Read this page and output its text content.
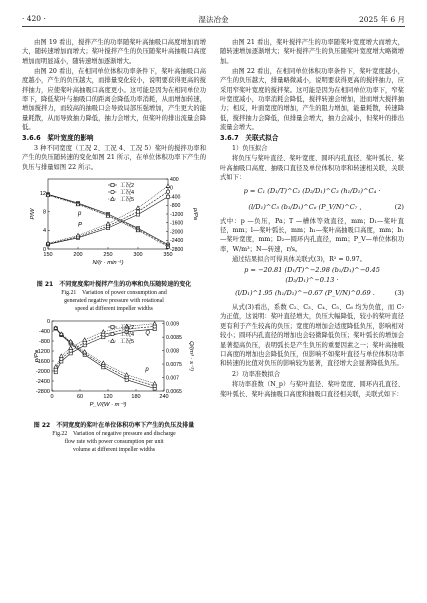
· 420 ·	湿法冶金	2025 年 6 月

由图 19 看出，搅拌产生的功率随桨叶高抽吸口高度增加而增大，随转速增加而增大；桨叶搅拌产生的负压随桨叶高抽吸口高度增加而明显减小，随转速增加逐渐增大。

由图 20 看出，在相同单位体积功率条件下，桨叶高抽吸口高度越小，产生的负压越大，而排量变化较小，说明要获得更高的搅拌抽力，应使桨叶高抽吸口高度更小。这可能是因为在相同单位功率下，降低桨叶与抽吸口的距离会降低功率消耗，从而增加转速，增加搅拌力，而较高的抽吸口会导致局部压强增加，产生更大的能量耗散，从而导致抽力降低，抽力会增大，但桨叶的排出流量会降低。

3.6.6　桨叶宽度的影响

3 种不同宽度（工况 2、工况 4、工况 5）桨叶的搅拌功率和产生的负压随转速的变化如图 21 所示，在单位体积功率下产生的负压与排量如图 22 所示。

150	200	250	300	350
0
4
8
12
-2800
-2400
-2000
-1600
-1200
-800
-400
0
400
N/(r · min⁻¹)
P/W	p/Pa
工况2
工况4
工况5
P
p
图 21　不同宽度桨叶搅拌产生的功率和负压随转速的变化
Fig.21　Variation of power consumption and
generated negative pressure with rotational
speed at different impeller widths
0	60	120	180	240
0
-400
-800
-1200
-1600
-2000
-2400
-2800	0.0065
0.007
0.0075
0.008
0.0085
0.009
P_V/(W · m⁻³)
p/Pa	Q/(m³ · s⁻¹)
工况2
工况4
工况5
p
Q
图 22　不同宽度的桨叶在单位体积功率下产生的负压及排量
Fig.22　Variation of negative pressure and discharge
flow rate with power consumption per unit
volume at different impeller widths

由图 21 看出，桨叶搅拌产生的功率随桨叶宽度增大而增大，随转速增加逐渐增大；桨叶搅拌产生的负压随桨叶宽度增大略微增加。

由图 22 看出，在相同单位体积功率条件下，桨叶宽度越小，产生的负压越大，排量略微减小，说明要获得更高的搅拌抽力，应采用窄桨叶宽度的搅拌桨。这可能是因为在相同单位功率下，窄桨叶宽度减小，功率消耗会降低，搅拌转速会增加，进而增大搅拌抽力；相反，叶面宽度的增加，产生的阻力增加，能量耗散，转速降低，搅拌抽力会降低，但排量会增大，抽力会减小，但桨叶的排出流量会增大。

3.6.7　关联式拟合
1）负压拟合

将负压与桨叶直径、桨叶宽度、圆环内孔直径、桨叶弧长、桨叶高抽吸口高度、抽吸口直径及单位体积功率和转速相关联，关联式如下：

p = C₁ (D₁/T)^C₂ (D₂/D₁)^C₃ (h₁/D₁)^C₄ ·
(l/D₁)^C₅ (b₁/D₁)^C₆ (P_V/N)^C₇ ,	(2)

式中：p —负压，Pa；T —槽体等效直径，mm；D₁—桨叶直径，mm；l—桨叶弧长，mm；h₁—桨叶高抽吸口高度，mm；b₁—桨叶宽度，mm；D₂—圆环内孔直径，mm；P_V—单位体积功率，W/m³；N—转速，r/s。

通过结果拟合可得具体关联式(3)，R² = 0.97。

p = −20.81 (D₁/T)^−2.98 (b₁/D₁)^−0.45 (D₂/D₁)^−0.13 ·
(l/D₁)^1.95 (h₁/D₁)^−0.67 (P_V/N)^0.69 .	(3)

从式(3)看出，系数 C₂、C₃、C₄、C₅、C₆ 均为负值，而 C₇ 为正值，这说明：桨叶直径增大，负压大幅降低，较小的桨叶直径更有利于产生较高的负压；宽度的增加会适度降低负压，影响相对较小；圆环内孔直径的增加也会轻微降低负压；桨叶弧长的增加会显著提高负压，表明弧长是产生负压的重要因素之一；桨叶高抽吸口高度的增加也会降低负压，但影响不如桨叶直径与单位体积功率和转速的比值对负压的影响较为显著，直径增大会显著降低负压。

2）功率准数拟合

将功率准数（N_p）与桨叶直径、桨叶宽度、圆环内孔直径、桨叶弧长、桨叶高抽吸口高度和抽吸口直径相关联，关联式如下：
